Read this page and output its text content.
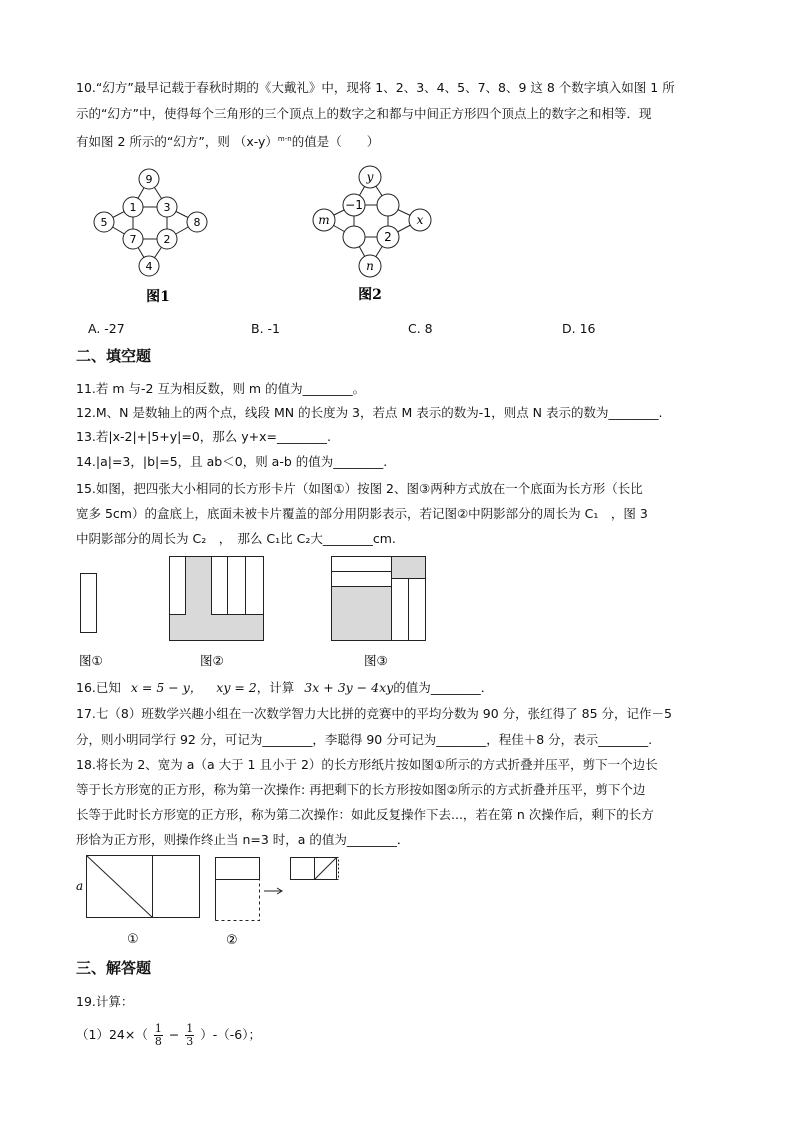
10.“幻方”最早记载于春秋时期的《大戴礼》中，现将 1、2、3、4、5、7、8、9 这 8 个数字填入如图 1 所
示的“幻方”中，使得每个三角形的三个顶点上的数字之和都与中间正方形四个顶点上的数字之和相等．现
有如图 2 所示的“幻方”，则 $(x-y)^{m-n}$的值是（　　）
9
1 3
5	8
7 2
4
图1
y
−1
m	x
2
n
图2
A. -27	B. -1	C. 8	D. 16
二、填空题
11.若 m 与-2 互为相反数，则 m 的值为________。
12.M、N 是数轴上的两个点，线段 MN 的长度为 3，若点 M 表示的数为-1，则点 N 表示的数为________.
13.若|x-2|+|5+y|=0，那么 y+x=________.
14.|a|=3，|b|=5，且 ab＜0，则 a-b 的值为________.
15.如图，把四张大小相同的长方形卡片（如图①）按图 2、图③两种方式放在一个底面为长方形（长比
宽多 5cm）的盒底上，底面未被卡片覆盖的部分用阴影表示，若记图②中阴影部分的周长为 C₁　，图 3
中阴影部分的周长为 C₂　，　那么 C₁比 C₂大________cm.
图①	图②	图③
16.已知 x = 5 − y， xy = 2，计算 3x + 3y − 4xy的值为________．
17.七（8）班数学兴趣小组在一次数学智力大比拼的竞赛中的平均分数为 90 分，张红得了 85 分，记作－5
分，则小明同学行 92 分，可记为________，李聪得 90 分可记为________，程佳＋8 分，表示________.
18.将长为 2、宽为 a（a 大于 1 且小于 2）的长方形纸片按如图①所示的方式折叠并压平，剪下一个边长
等于长方形宽的正方形，称为第一次操作: 再把剩下的长方形按如图②所示的方式折叠并压平，剪下个边
长等于此时长方形宽的正方形，称为第二次操作：如此反复操作下去...，若在第 n 次操作后，剩下的长方
形恰为正方形，则操作终止当 n=3 时，a 的值为________．
a
①	②
三、解答题
19.计算：
$(1)24\times( \frac{1}{8} - \frac{1}{3} )-(-6)$；
